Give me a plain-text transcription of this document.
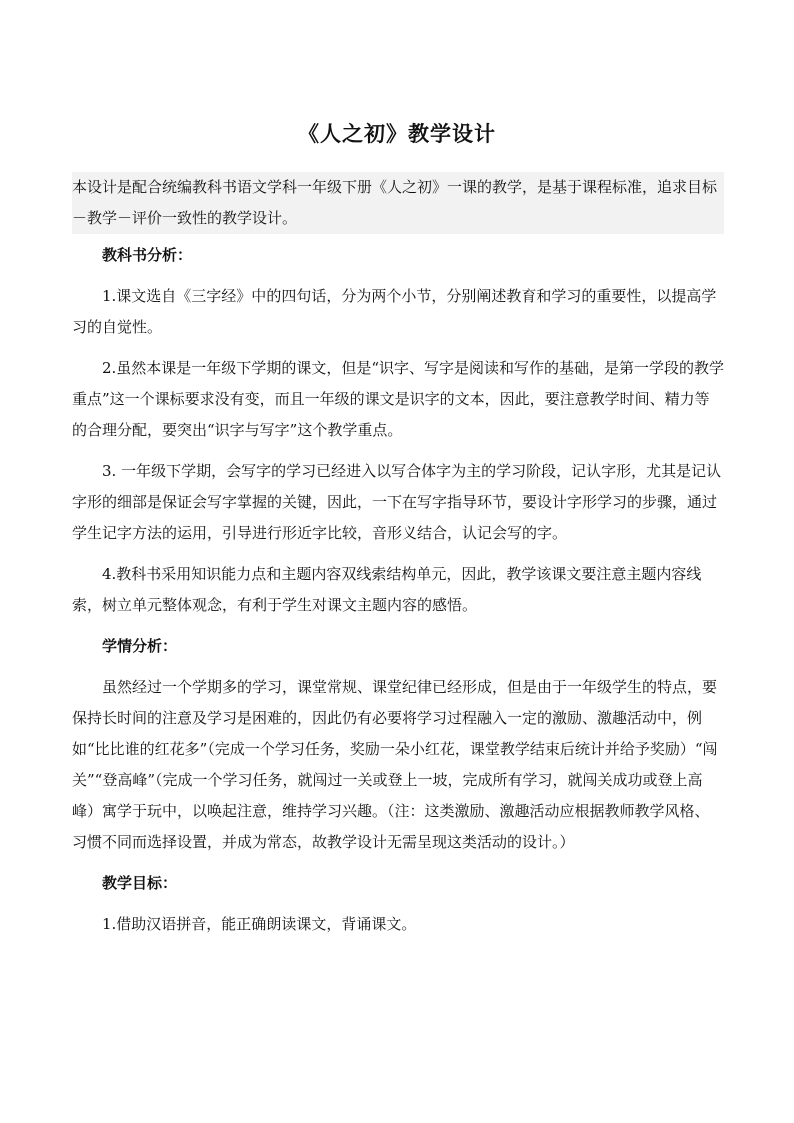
《人之初》教学设计
本设计是配合统编教科书语文学科一年级下册《人之初》一课的教学，是基于课程标准，追求目标－教学－评价一致性的教学设计。

教科书分析：

1.课文选自《三字经》中的四句话，分为两个小节，分别阐述教育和学习的重要性，以提高学习的自觉性。

2.虽然本课是一年级下学期的课文，但是“识字、写字是阅读和写作的基础，是第一学段的教学重点”这一个课标要求没有变，而且一年级的课文是识字的文本，因此，要注意教学时间、精力等的合理分配，要突出“识字与写字”这个教学重点。

3. 一年级下学期，会写字的学习已经进入以写合体字为主的学习阶段，记认字形，尤其是记认字形的细部是保证会写字掌握的关键，因此，一下在写字指导环节，要设计字形学习的步骤，通过学生记字方法的运用，引导进行形近字比较，音形义结合，认记会写的字。

4.教科书采用知识能力点和主题内容双线索结构单元，因此，教学该课文要注意主题内容线索，树立单元整体观念，有利于学生对课文主题内容的感悟。

学情分析：

虽然经过一个学期多的学习，课堂常规、课堂纪律已经形成，但是由于一年级学生的特点，要保持长时间的注意及学习是困难的，因此仍有必要将学习过程融入一定的激励、激趣活动中，例如“比比谁的红花多”（完成一个学习任务，奖励一朵小红花，课堂教学结束后统计并给予奖励）“闯关”“登高峰”（完成一个学习任务，就闯过一关或登上一坡，完成所有学习，就闯关成功或登上高峰）寓学于玩中，以唤起注意，维持学习兴趣。（注：这类激励、激趣活动应根据教师教学风格、习惯不同而选择设置，并成为常态，故教学设计无需呈现这类活动的设计。）

教学目标：

1.借助汉语拼音，能正确朗读课文，背诵课文。
